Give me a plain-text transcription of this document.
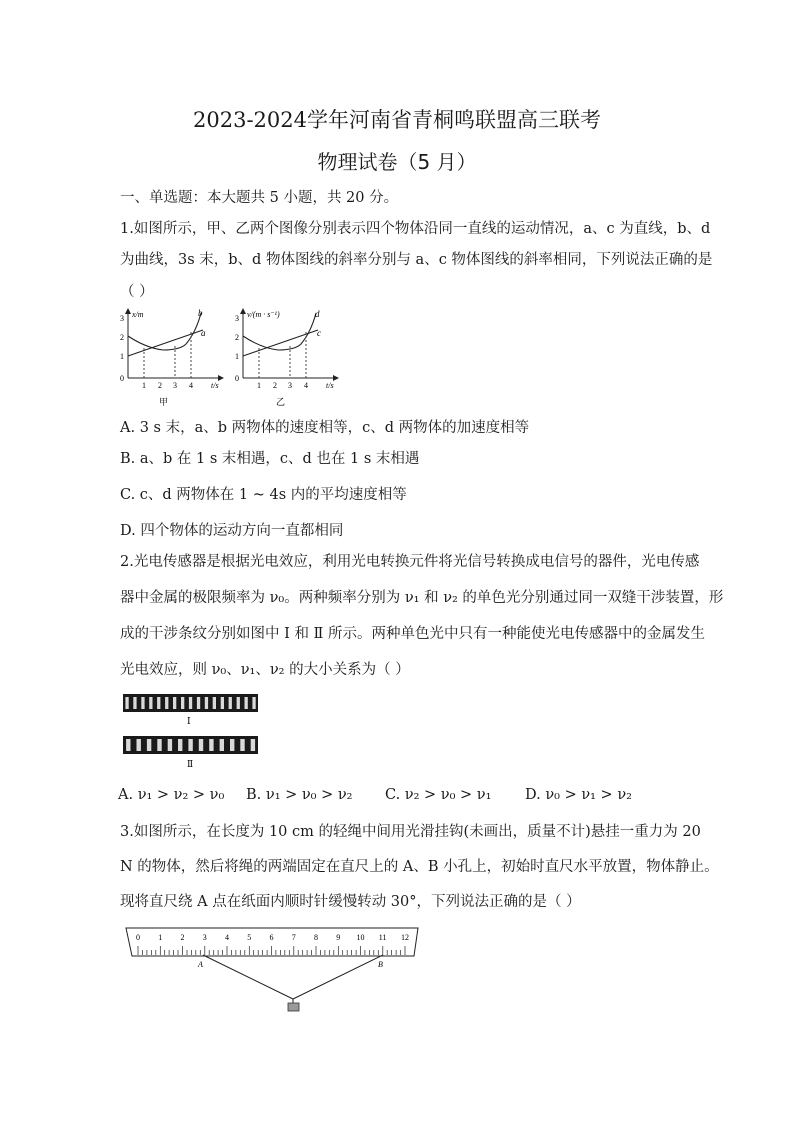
2023-2024学年河南省青桐鸣联盟高三联考
物理试卷（5 月）
一、单选题：本大题共 5 小题，共 20 分。
1.如图所示，甲、乙两个图像分别表示四个物体沿同一直线的运动情况，a、c 为直线，b、d
为曲线，3s 末，b、d 物体图线的斜率分别与 a、c 物体图线的斜率相同，下列说法正确的是
（ ）
x/m
t/s
0
1
2
3
1 2 3 4
b
a
甲
v/(m · s⁻¹)
t/s
0
1
2
3
1 2 3 4
d
c
乙
A. 3 s 末，a、b 两物体的速度相等，c、d 两物体的加速度相等
B. a、b 在 1 s 末相遇，c、d 也在 1 s 末相遇
C. c、d 两物体在 1 ~ 4s 内的平均速度相等
D. 四个物体的运动方向一直都相同
2.光电传感器是根据光电效应，利用光电转换元件将光信号转换成电信号的器件，光电传感
器中金属的极限频率为 ν₀。两种频率分别为 ν₁ 和 ν₂ 的单色光分别通过同一双缝干涉装置，形
成的干涉条纹分别如图中 Ⅰ 和 Ⅱ 所示。两种单色光中只有一种能使光电传感器中的金属发生
光电效应，则 ν₀、ν₁、ν₂ 的大小关系为（ ）
Ⅰ
Ⅱ
A. ν₁ > ν₂ > ν₀ B. ν₁ > ν₀ > ν₂ C. ν₂ > ν₀ > ν₁ D. ν₀ > ν₁ > ν₂
3.如图所示，在长度为 10 cm 的轻绳中间用光滑挂钩(未画出，质量不计)悬挂一重力为 20
N 的物体，然后将绳的两端固定在直尺上的 A、B 小孔上，初始时直尺水平放置，物体静止。
现将直尺绕 A 点在纸面内顺时针缓慢转动 30°，下列说法正确的是（ ）
0 1 2 3 4 5 6 7 8 9 10 11 12
A	B
